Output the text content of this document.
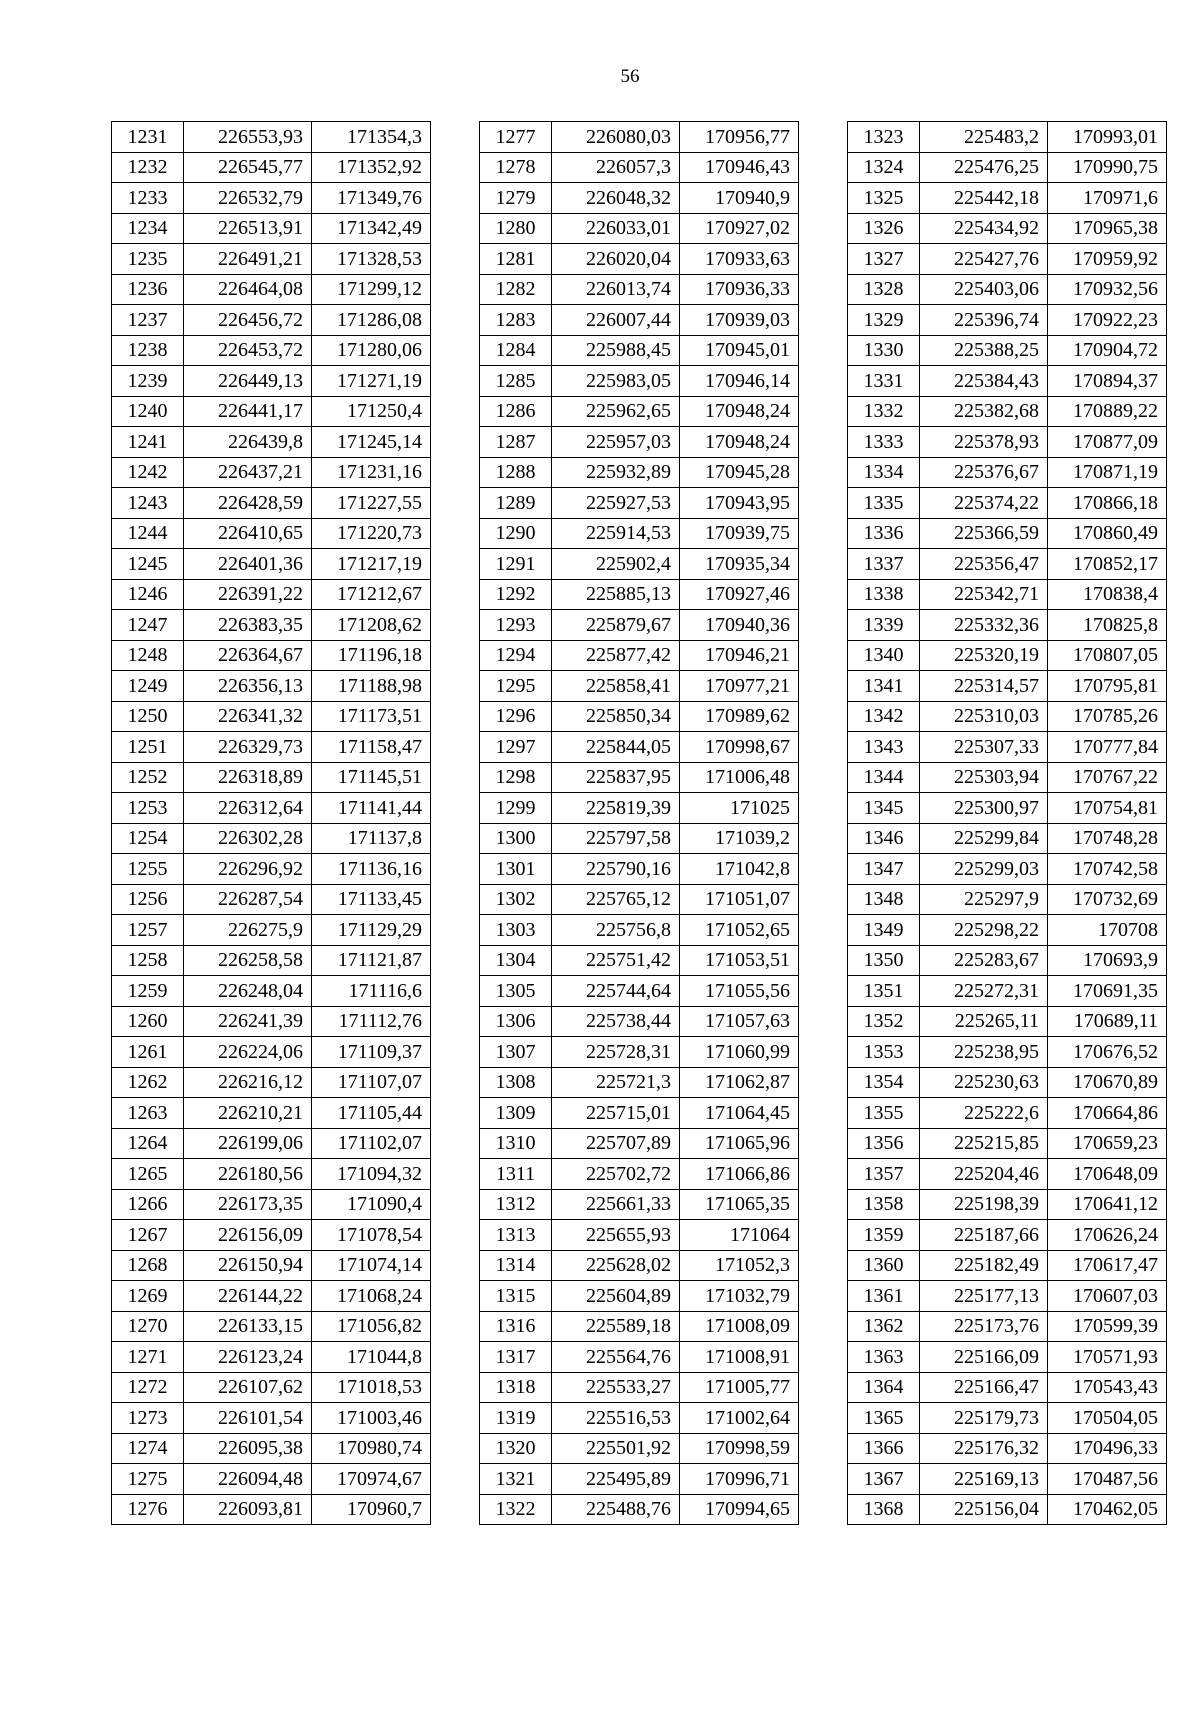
56
1231	226553,93	171354,3
1232	226545,77	171352,92
1233	226532,79	171349,76
1234	226513,91	171342,49
1235	226491,21	171328,53
1236	226464,08	171299,12
1237	226456,72	171286,08
1238	226453,72	171280,06
1239	226449,13	171271,19
1240	226441,17	171250,4
1241	226439,8	171245,14
1242	226437,21	171231,16
1243	226428,59	171227,55
1244	226410,65	171220,73
1245	226401,36	171217,19
1246	226391,22	171212,67
1247	226383,35	171208,62
1248	226364,67	171196,18
1249	226356,13	171188,98
1250	226341,32	171173,51
1251	226329,73	171158,47
1252	226318,89	171145,51
1253	226312,64	171141,44
1254	226302,28	171137,8
1255	226296,92	171136,16
1256	226287,54	171133,45
1257	226275,9	171129,29
1258	226258,58	171121,87
1259	226248,04	171116,6
1260	226241,39	171112,76
1261	226224,06	171109,37
1262	226216,12	171107,07
1263	226210,21	171105,44
1264	226199,06	171102,07
1265	226180,56	171094,32
1266	226173,35	171090,4
1267	226156,09	171078,54
1268	226150,94	171074,14
1269	226144,22	171068,24
1270	226133,15	171056,82
1271	226123,24	171044,8
1272	226107,62	171018,53
1273	226101,54	171003,46
1274	226095,38	170980,74
1275	226094,48	170974,67
1276	226093,81	170960,7
1277	226080,03	170956,77
1278	226057,3	170946,43
1279	226048,32	170940,9
1280	226033,01	170927,02
1281	226020,04	170933,63
1282	226013,74	170936,33
1283	226007,44	170939,03
1284	225988,45	170945,01
1285	225983,05	170946,14
1286	225962,65	170948,24
1287	225957,03	170948,24
1288	225932,89	170945,28
1289	225927,53	170943,95
1290	225914,53	170939,75
1291	225902,4	170935,34
1292	225885,13	170927,46
1293	225879,67	170940,36
1294	225877,42	170946,21
1295	225858,41	170977,21
1296	225850,34	170989,62
1297	225844,05	170998,67
1298	225837,95	171006,48
1299	225819,39	171025
1300	225797,58	171039,2
1301	225790,16	171042,8
1302	225765,12	171051,07
1303	225756,8	171052,65
1304	225751,42	171053,51
1305	225744,64	171055,56
1306	225738,44	171057,63
1307	225728,31	171060,99
1308	225721,3	171062,87
1309	225715,01	171064,45
1310	225707,89	171065,96
1311	225702,72	171066,86
1312	225661,33	171065,35
1313	225655,93	171064
1314	225628,02	171052,3
1315	225604,89	171032,79
1316	225589,18	171008,09
1317	225564,76	171008,91
1318	225533,27	171005,77
1319	225516,53	171002,64
1320	225501,92	170998,59
1321	225495,89	170996,71
1322	225488,76	170994,65
1323	225483,2	170993,01
1324	225476,25	170990,75
1325	225442,18	170971,6
1326	225434,92	170965,38
1327	225427,76	170959,92
1328	225403,06	170932,56
1329	225396,74	170922,23
1330	225388,25	170904,72
1331	225384,43	170894,37
1332	225382,68	170889,22
1333	225378,93	170877,09
1334	225376,67	170871,19
1335	225374,22	170866,18
1336	225366,59	170860,49
1337	225356,47	170852,17
1338	225342,71	170838,4
1339	225332,36	170825,8
1340	225320,19	170807,05
1341	225314,57	170795,81
1342	225310,03	170785,26
1343	225307,33	170777,84
1344	225303,94	170767,22
1345	225300,97	170754,81
1346	225299,84	170748,28
1347	225299,03	170742,58
1348	225297,9	170732,69
1349	225298,22	170708
1350	225283,67	170693,9
1351	225272,31	170691,35
1352	225265,11	170689,11
1353	225238,95	170676,52
1354	225230,63	170670,89
1355	225222,6	170664,86
1356	225215,85	170659,23
1357	225204,46	170648,09
1358	225198,39	170641,12
1359	225187,66	170626,24
1360	225182,49	170617,47
1361	225177,13	170607,03
1362	225173,76	170599,39
1363	225166,09	170571,93
1364	225166,47	170543,43
1365	225179,73	170504,05
1366	225176,32	170496,33
1367	225169,13	170487,56
1368	225156,04	170462,05
